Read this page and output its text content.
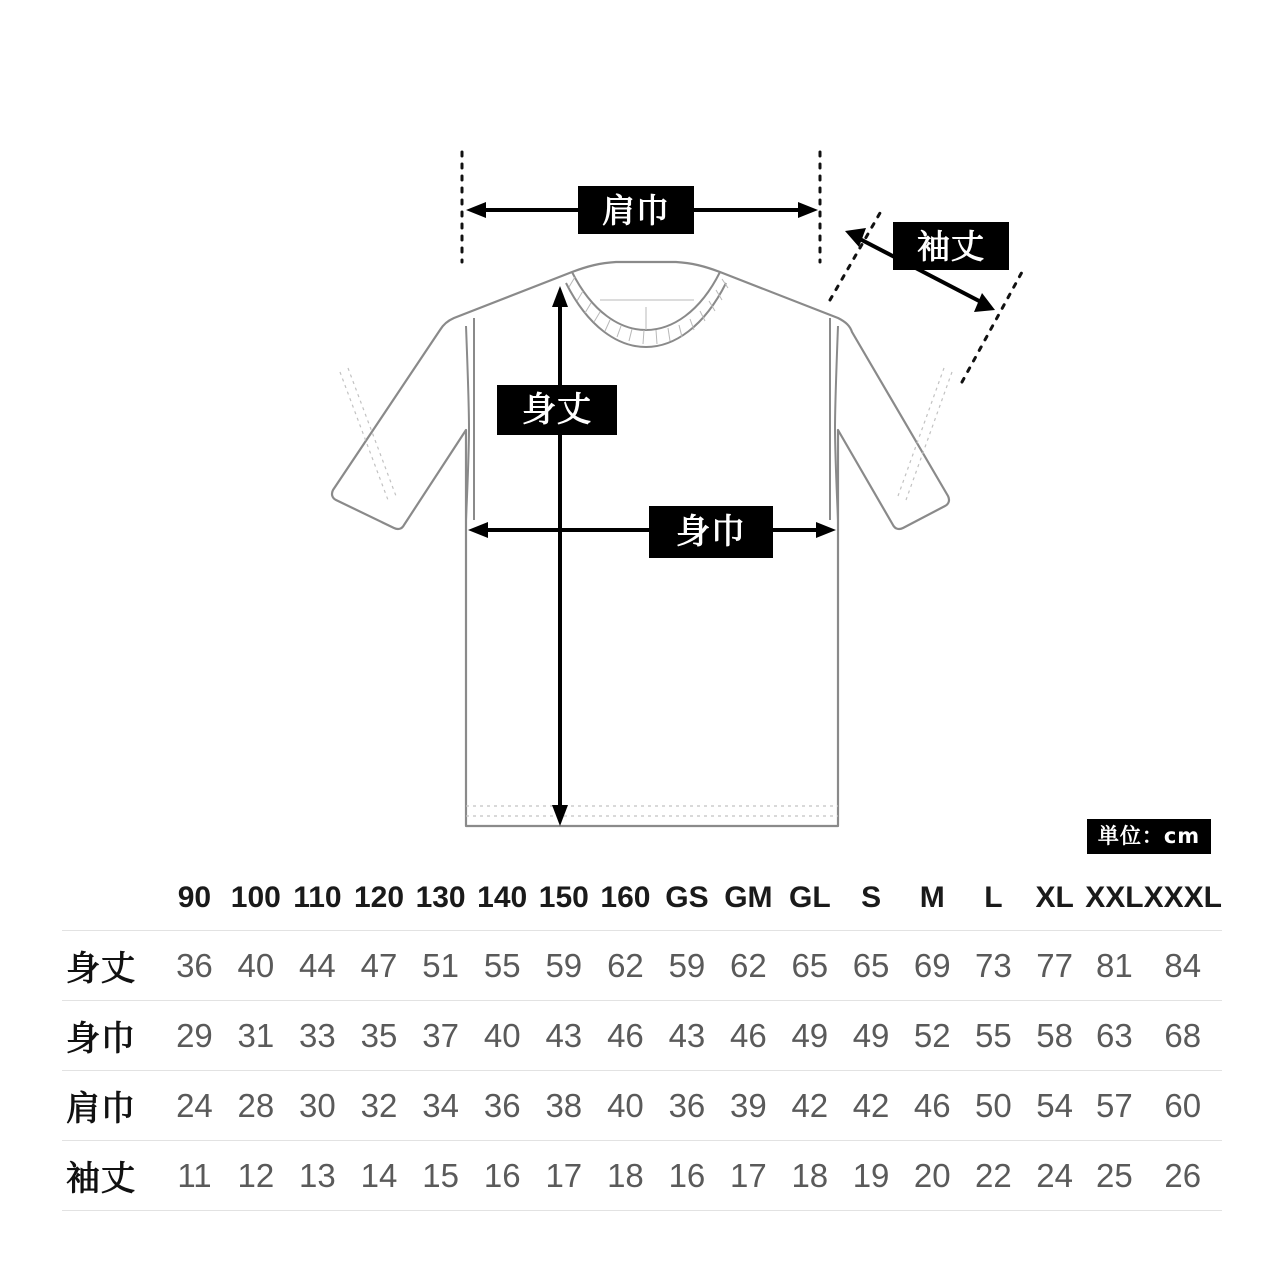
肩巾
袖丈
身丈
身巾
単位：cm
	90	100	110	120	130	140	150	160	GS	GM	GL	S	M	L	XL	XXL	XXXL
身丈	36	40	44	47	51	55	59	62	59	62	65	65	69	73	77	81	84
身巾	29	31	33	35	37	40	43	46	43	46	49	49	52	55	58	63	68
肩巾	24	28	30	32	34	36	38	40	36	39	42	42	46	50	54	57	60
袖丈	11	12	13	14	15	16	17	18	16	17	18	19	20	22	24	25	26
